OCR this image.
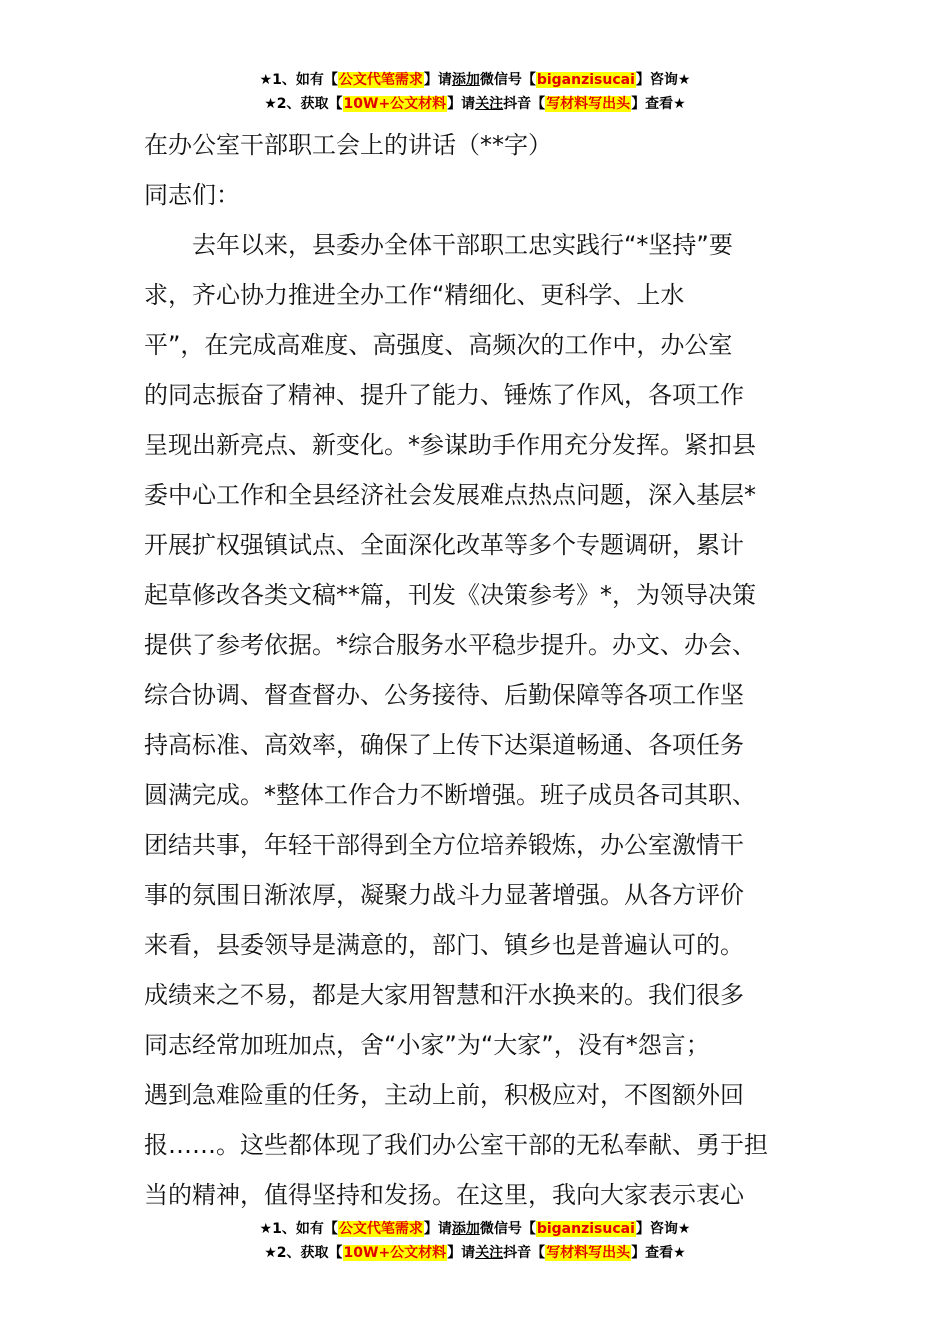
★1、如有【公文代笔需求】请添加微信号【biganzisucai】咨询★
★2、获取【10W+公文材料】请关注抖音【写材料写出头】查看★
在办公室干部职工会上的讲话（**字）
同志们：
　　去年以来，县委办全体干部职工忠实践行“*坚持”要
求，齐心协力推进全办工作“精细化、更科学、上水
平”，在完成高难度、高强度、高频次的工作中，办公室
的同志振奋了精神、提升了能力、锤炼了作风，各项工作
呈现出新亮点、新变化。*参谋助手作用充分发挥。紧扣县
委中心工作和全县经济社会发展难点热点问题，深入基层*
开展扩权强镇试点、全面深化改革等多个专题调研，累计
起草修改各类文稿**篇，刊发《决策参考》*，为领导决策
提供了参考依据。*综合服务水平稳步提升。办文、办会、
综合协调、督查督办、公务接待、后勤保障等各项工作坚
持高标准、高效率，确保了上传下达渠道畅通、各项任务
圆满完成。*整体工作合力不断增强。班子成员各司其职、
团结共事，年轻干部得到全方位培养锻炼，办公室激情干
事的氛围日渐浓厚，凝聚力战斗力显著增强。从各方评价
来看，县委领导是满意的，部门、镇乡也是普遍认可的。
成绩来之不易，都是大家用智慧和汗水换来的。我们很多
同志经常加班加点，舍“小家”为“大家”，没有*怨言；
遇到急难险重的任务，主动上前，积极应对，不图额外回
报……。这些都体现了我们办公室干部的无私奉献、勇于担
当的精神，值得坚持和发扬。在这里，我向大家表示衷心
★1、如有【公文代笔需求】请添加微信号【biganzisucai】咨询★
★2、获取【10W+公文材料】请关注抖音【写材料写出头】查看★
